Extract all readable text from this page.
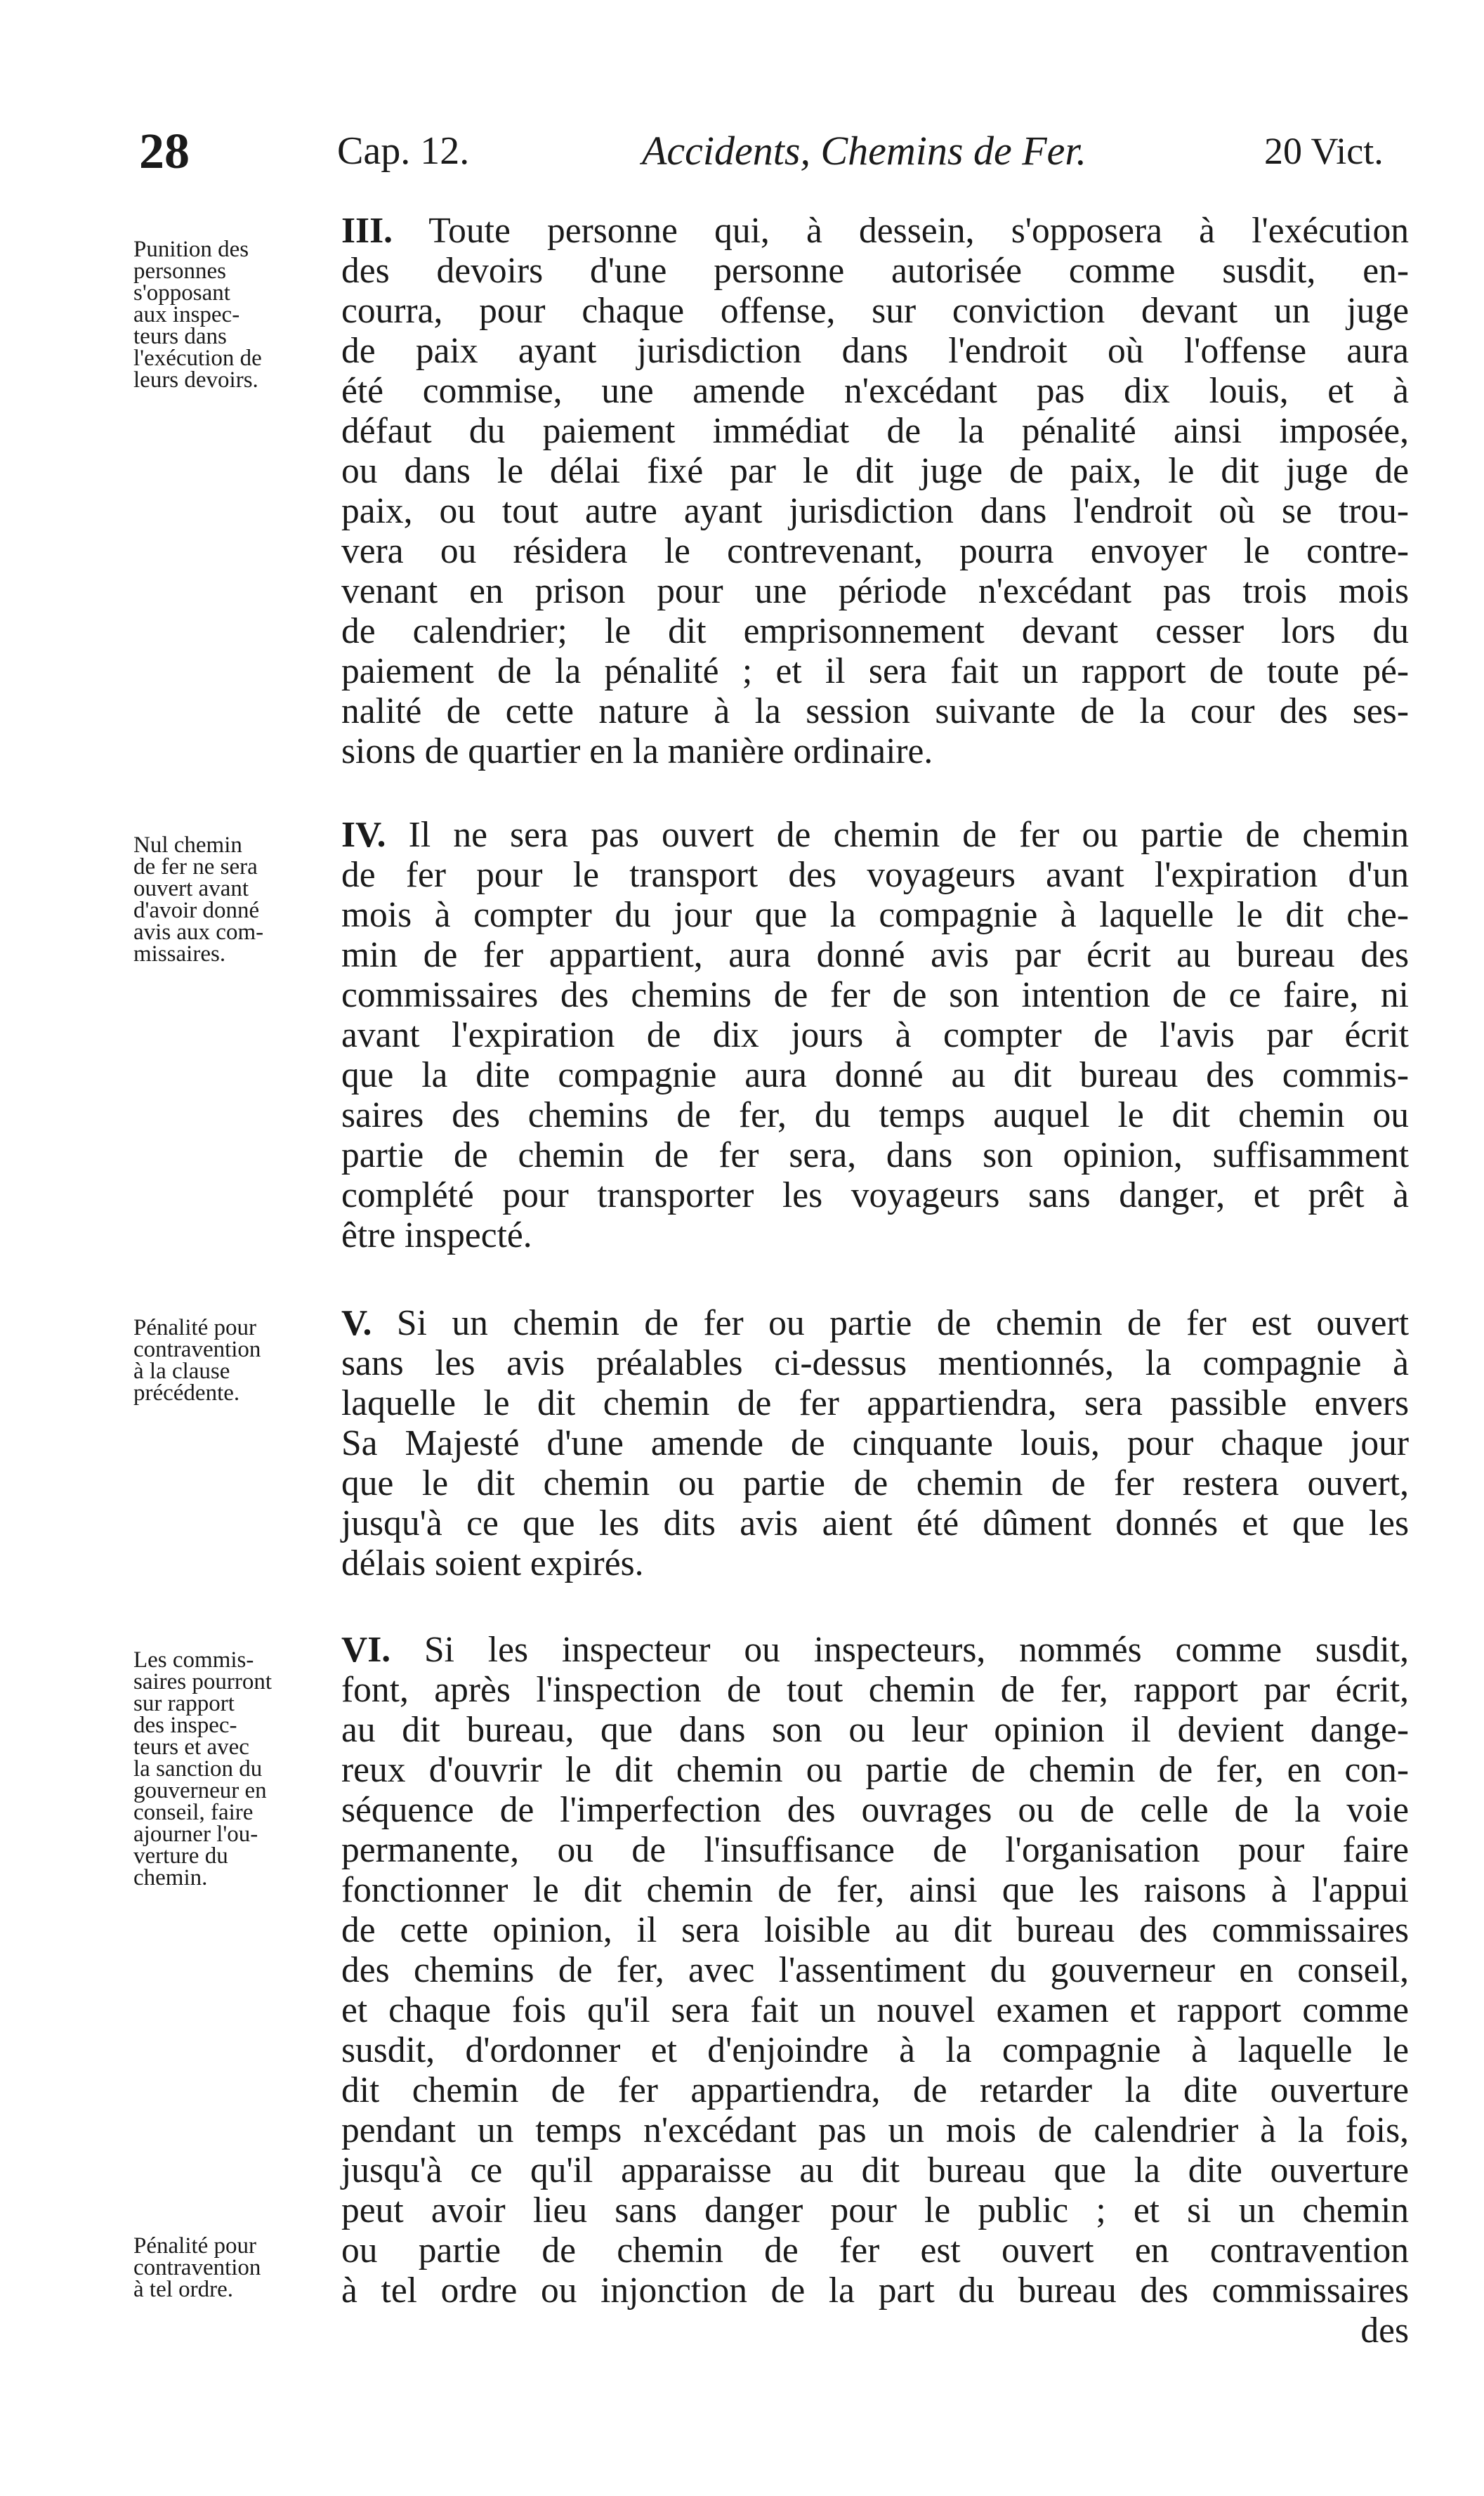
28	Cap. 12.	Accidents, Chemins de Fer.	20 Vict.
Punition des
personnes
s'opposant
aux inspec-
teurs dans
l'exécution de
leurs devoirs.
III. Toute personne qui, à dessein, s'opposera à l'exécution
des devoirs d'une personne autorisée comme susdit, en-
courra, pour chaque offense, sur conviction devant un juge
de paix ayant jurisdiction dans l'endroit où l'offense aura
été commise, une amende n'excédant pas dix louis, et à
défaut du paiement immédiat de la pénalité ainsi imposée,
ou dans le délai fixé par le dit juge de paix, le dit juge de
paix, ou tout autre ayant jurisdiction dans l'endroit où se trou-
vera ou résidera le contrevenant, pourra envoyer le contre-
venant en prison pour une période n'excédant pas trois mois
de calendrier; le dit emprisonnement devant cesser lors du
paiement de la pénalité ; et il sera fait un rapport de toute pé-
nalité de cette nature à la session suivante de la cour des ses-
sions de quartier en la manière ordinaire.
Nul chemin
de fer ne sera
ouvert avant
d'avoir donné
avis aux com-
missaires.
IV. Il ne sera pas ouvert de chemin de fer ou partie de chemin
de fer pour le transport des voyageurs avant l'expiration d'un
mois à compter du jour que la compagnie à laquelle le dit che-
min de fer appartient, aura donné avis par écrit au bureau des
commissaires des chemins de fer de son intention de ce faire, ni
avant l'expiration de dix jours à compter de l'avis par écrit
que la dite compagnie aura donné au dit bureau des commis-
saires des chemins de fer, du temps auquel le dit chemin ou
partie de chemin de fer sera, dans son opinion, suffisamment
complété pour transporter les voyageurs sans danger, et prêt à
être inspecté.
Pénalité pour
contravention
à la clause
précédente.
V. Si un chemin de fer ou partie de chemin de fer est ouvert
sans les avis préalables ci-dessus mentionnés, la compagnie à
laquelle le dit chemin de fer appartiendra, sera passible envers
Sa Majesté d'une amende de cinquante louis, pour chaque jour
que le dit chemin ou partie de chemin de fer restera ouvert,
jusqu'à ce que les dits avis aient été dûment donnés et que les
délais soient expirés.
Les commis-
saires pourront
sur rapport
des inspec-
teurs et avec
la sanction du
gouverneur en
conseil, faire
ajourner l'ou-
verture du
chemin.
Pénalité pour
contravention
à tel ordre.
VI. Si les inspecteur ou inspecteurs, nommés comme susdit,
font, après l'inspection de tout chemin de fer, rapport par écrit,
au dit bureau, que dans son ou leur opinion il devient dange-
reux d'ouvrir le dit chemin ou partie de chemin de fer, en con-
séquence de l'imperfection des ouvrages ou de celle de la voie
permanente, ou de l'insuffisance de l'organisation pour faire
fonctionner le dit chemin de fer, ainsi que les raisons à l'appui
de cette opinion, il sera loisible au dit bureau des commissaires
des chemins de fer, avec l'assentiment du gouverneur en conseil,
et chaque fois qu'il sera fait un nouvel examen et rapport comme
susdit, d'ordonner et d'enjoindre à la compagnie à laquelle le
dit chemin de fer appartiendra, de retarder la dite ouverture
pendant un temps n'excédant pas un mois de calendrier à la fois,
jusqu'à ce qu'il apparaisse au dit bureau que la dite ouverture
peut avoir lieu sans danger pour le public ; et si un chemin
ou partie de chemin de fer est ouvert en contravention
à tel ordre ou injonction de la part du bureau des commissaires
des
